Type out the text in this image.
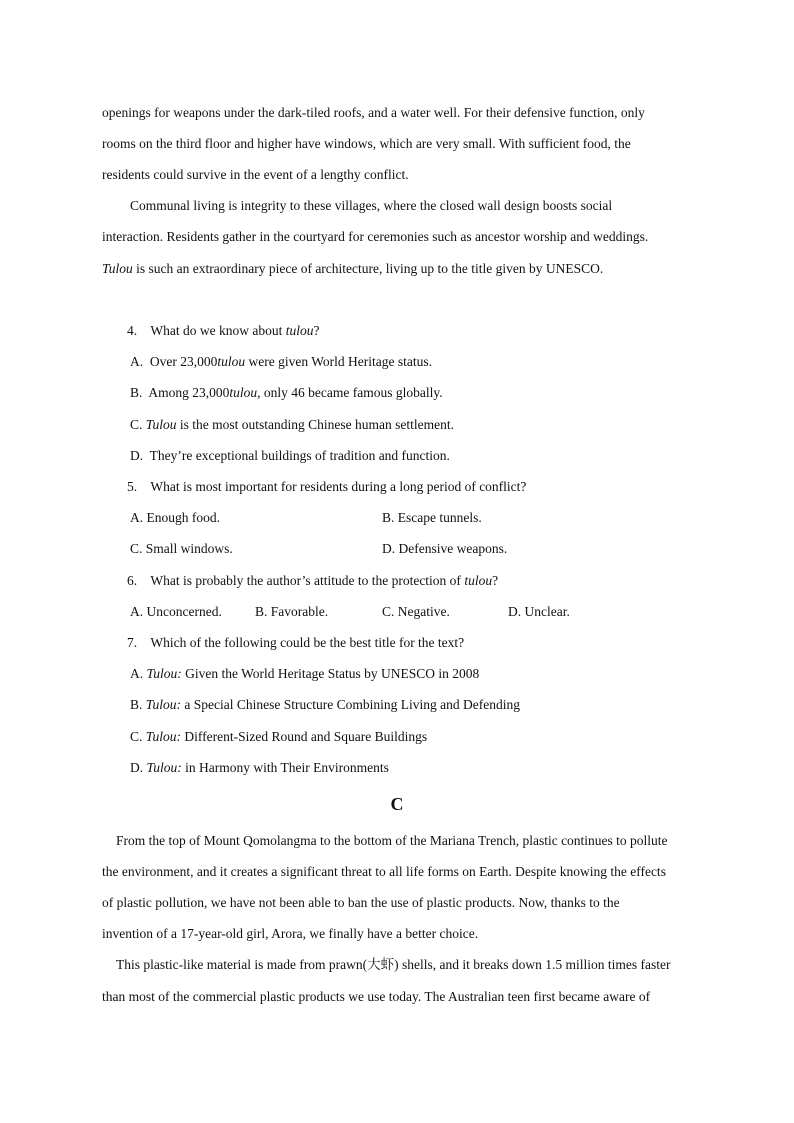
openings for weapons under the dark-tiled roofs, and a water well. For their defensive function, only
rooms on the third floor and higher have windows, which are very small. With sufficient food, the
residents could survive in the event of a lengthy conflict.
Communal living is integrity to these villages, where the closed wall design boosts social
interaction. Residents gather in the courtyard for ceremonies such as ancestor worship and weddings.
Tulou is such an extraordinary piece of architecture, living up to the title given by UNESCO.
4.    What do we know about tulou?
A.  Over 23,000tulou were given World Heritage status.
B.  Among 23,000tulou, only 46 became famous globally.
C. Tulou is the most outstanding Chinese human settlement.
D.  They’re exceptional buildings of tradition and function.
5.    What is most important for residents during a long period of conflict?
A. Enough food.	B. Escape tunnels.
C. Small windows.	D. Defensive weapons.
6.    What is probably the author’s attitude to the protection of tulou?
A. Unconcerned. B. Favorable.	C. Negative.	D. Unclear.
7.    Which of the following could be the best title for the text?
A. Tulou: Given the World Heritage Status by UNESCO in 2008
B. Tulou: a Special Chinese Structure Combining Living and Defending
C. Tulou: Different-Sized Round and Square Buildings
D. Tulou: in Harmony with Their Environments
C
From the top of Mount Qomolangma to the bottom of the Mariana Trench, plastic continues to pollute
the environment, and it creates a significant threat to all life forms on Earth. Despite knowing the effects
of plastic pollution, we have not been able to ban the use of plastic products. Now, thanks to the
invention of a 17-year-old girl, Arora, we finally have a better choice.
This plastic-like material is made from prawn(大虾) shells, and it breaks down 1.5 million times faster
than most of the commercial plastic products we use today. The Australian teen first became aware of
